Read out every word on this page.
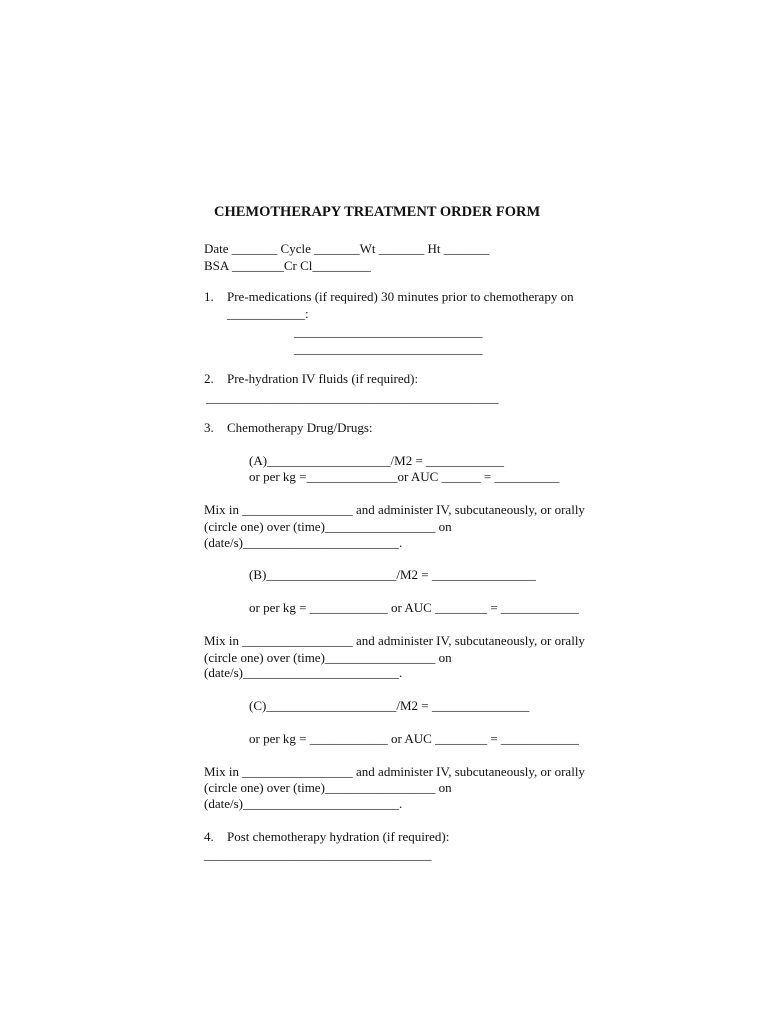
CHEMOTHERAPY TREATMENT ORDER FORM
Date _______ Cycle _______Wt _______ Ht _______
BSA ________Cr Cl_________
1. Pre-medications (if required) 30 minutes prior to chemotherapy on
____________:
_____________________________
_____________________________
2. Pre-hydration IV fluids (if required):
_____________________________________________
3. Chemotherapy Drug/Drugs:
(A)___________________/M2 = ____________
or per kg =______________or AUC ______ = __________
Mix in _________________ and administer IV, subcutaneously, or orally
(circle one) over (time)_________________ on
(date/s)________________________.
(B)____________________/M2 = ________________
or per kg = ____________ or AUC ________ = ____________
Mix in _________________ and administer IV, subcutaneously, or orally
(circle one) over (time)_________________ on
(date/s)________________________.
(C)____________________/M2 = _______________
or per kg = ____________ or AUC ________ = ____________
Mix in _________________ and administer IV, subcutaneously, or orally
(circle one) over (time)_________________ on
(date/s)________________________.
4. Post chemotherapy hydration (if required):
___________________________________
